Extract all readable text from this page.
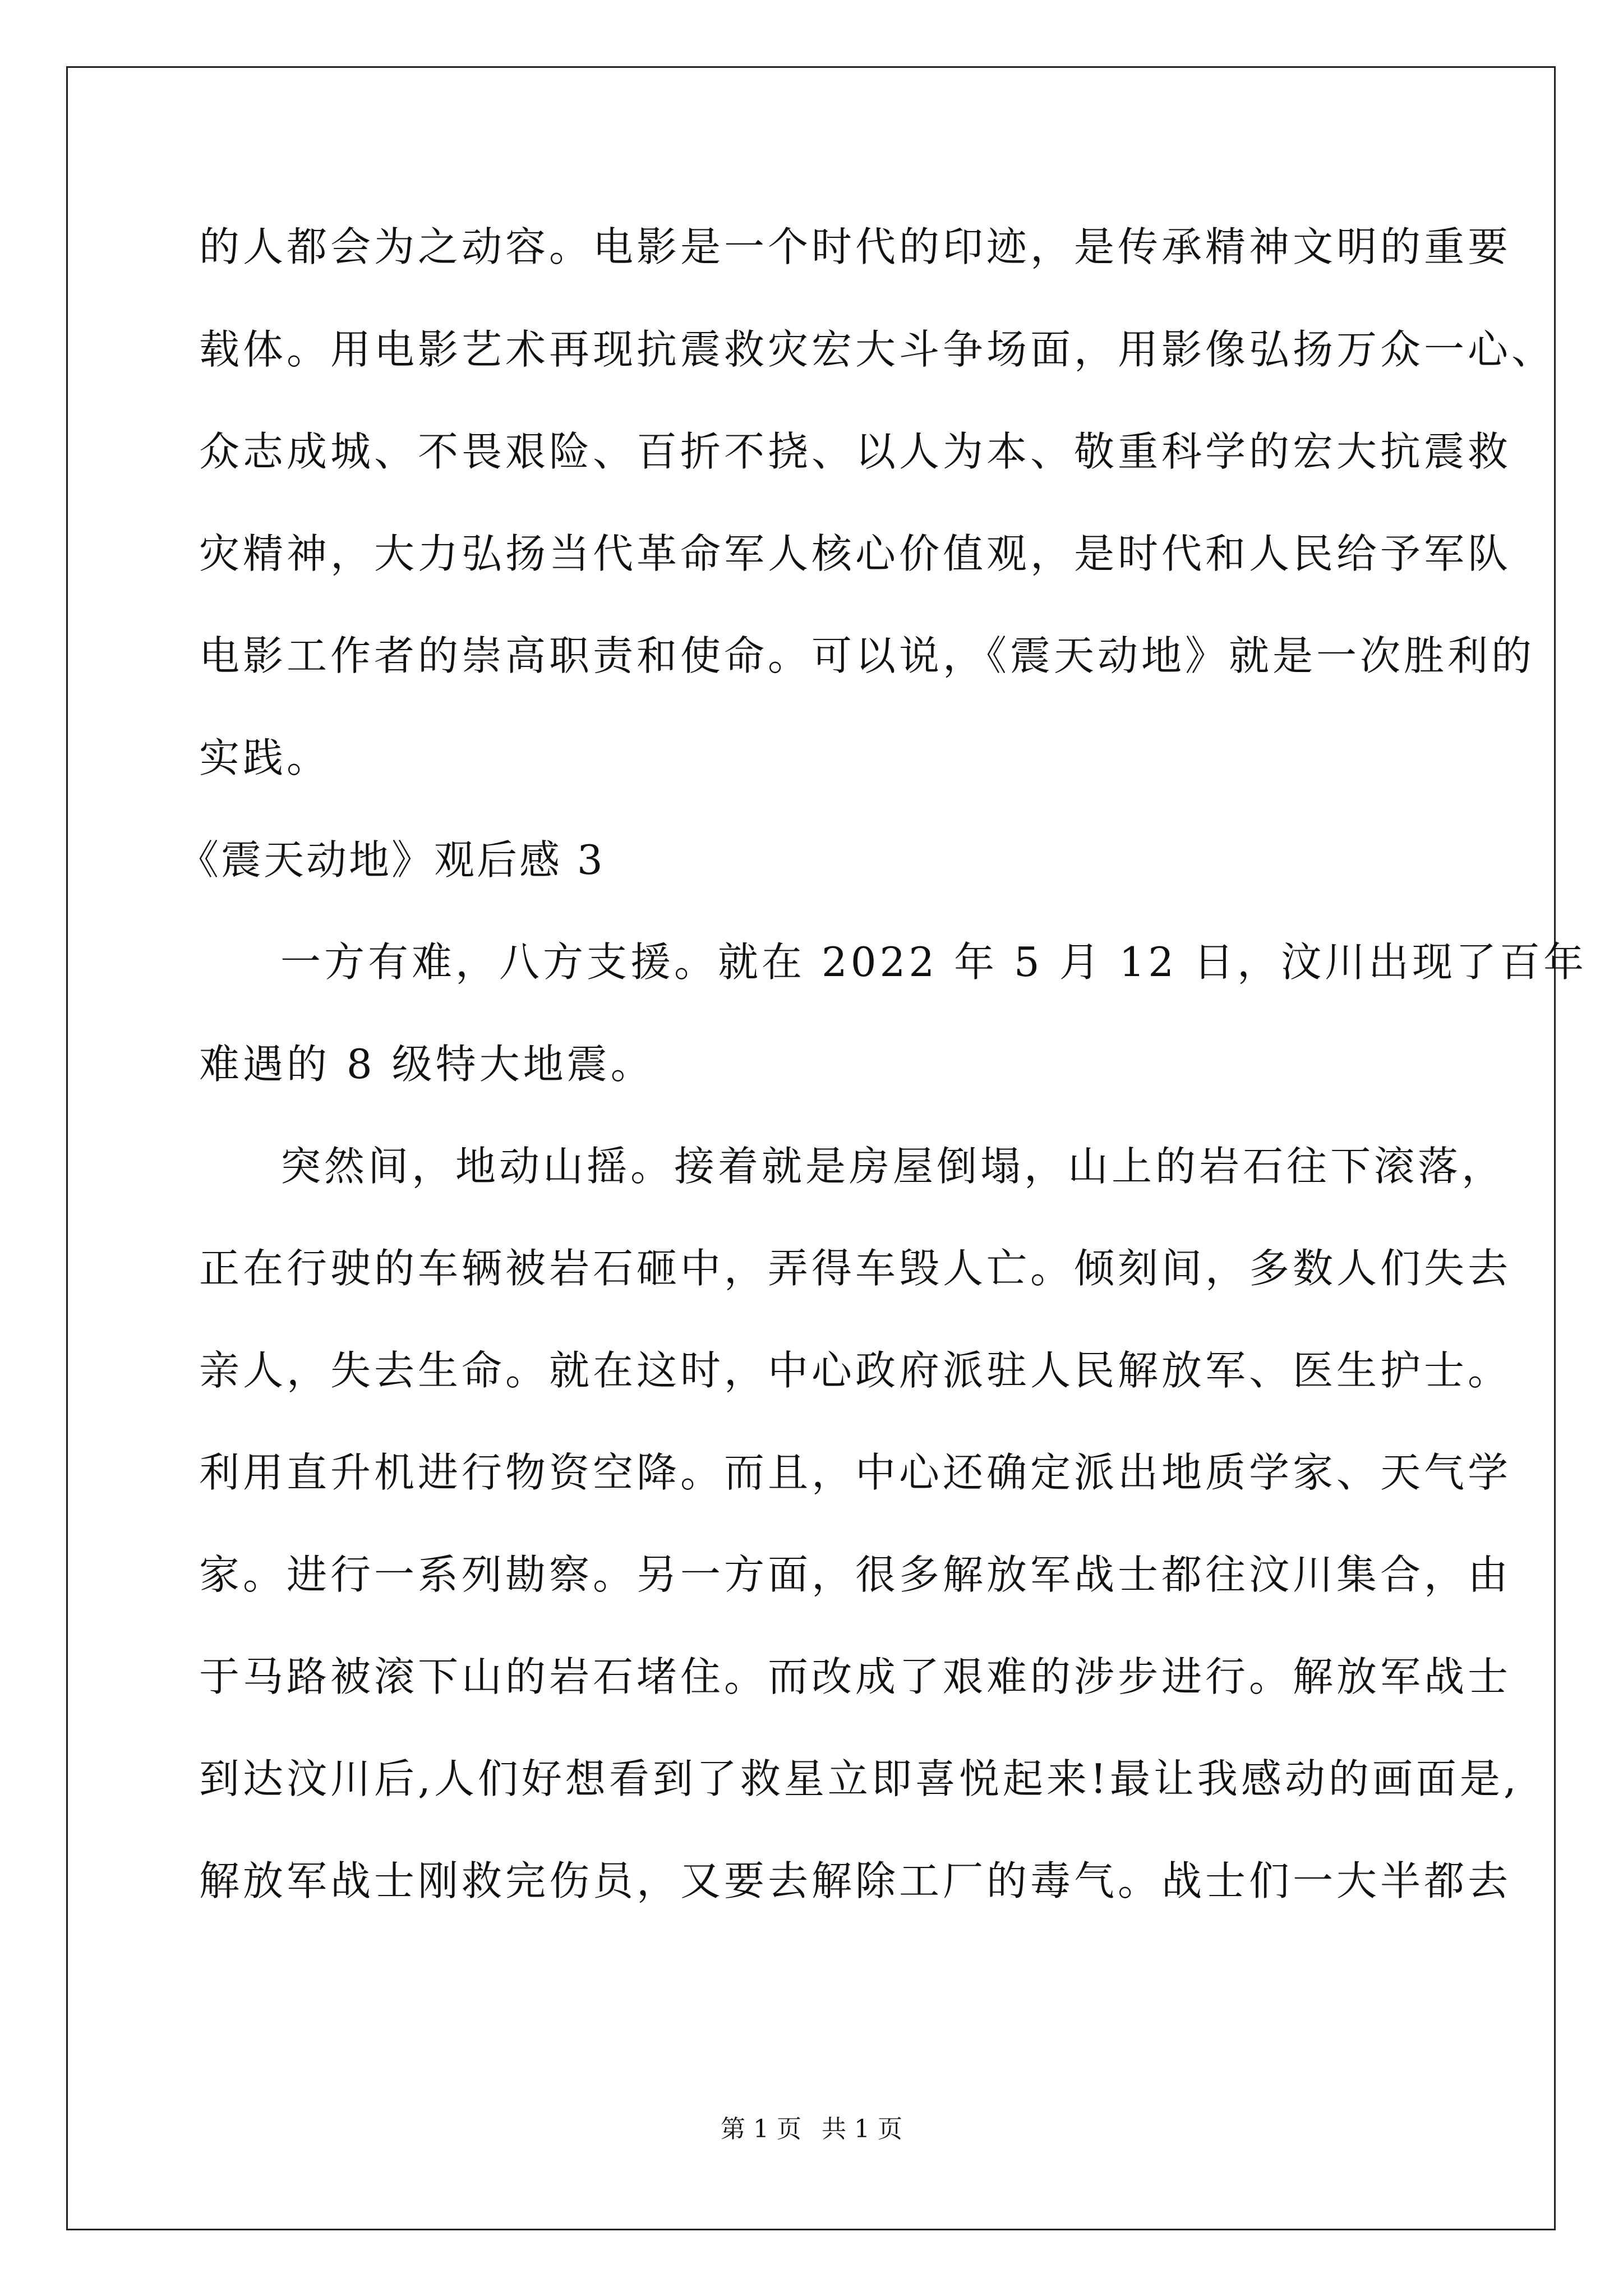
的人都会为之动容。电影是一个时代的印迹，是传承精神文明的重要
载体。用电影艺术再现抗震救灾宏大斗争场面，用影像弘扬万众一心、
众志成城、不畏艰险、百折不挠、以人为本、敬重科学的宏大抗震救
灾精神，大力弘扬当代革命军人核心价值观，是时代和人民给予军队
电影工作者的崇高职责和使命。可以说，《震天动地》就是一次胜利的
实践。
《震天动地》观后感 3
一方有难，八方支援。就在 2022 年 5 月 12 日，汶川出现了百年
难遇的 8 级特大地震。
突然间，地动山摇。接着就是房屋倒塌，山上的岩石往下滚落，
正在行驶的车辆被岩石砸中，弄得车毁人亡。倾刻间，多数人们失去
亲人，失去生命。就在这时，中心政府派驻人民解放军、医生护士。
利用直升机进行物资空降。而且，中心还确定派出地质学家、天气学
家。进行一系列勘察。另一方面，很多解放军战士都往汶川集合，由
于马路被滚下山的岩石堵住。而改成了艰难的涉步进行。解放军战士
到达汶川后,人们好想看到了救星立即喜悦起来!最让我感动的画面是,
解放军战士刚救完伤员，又要去解除工厂的毒气。战士们一大半都去
第 1 页 共 1 页
